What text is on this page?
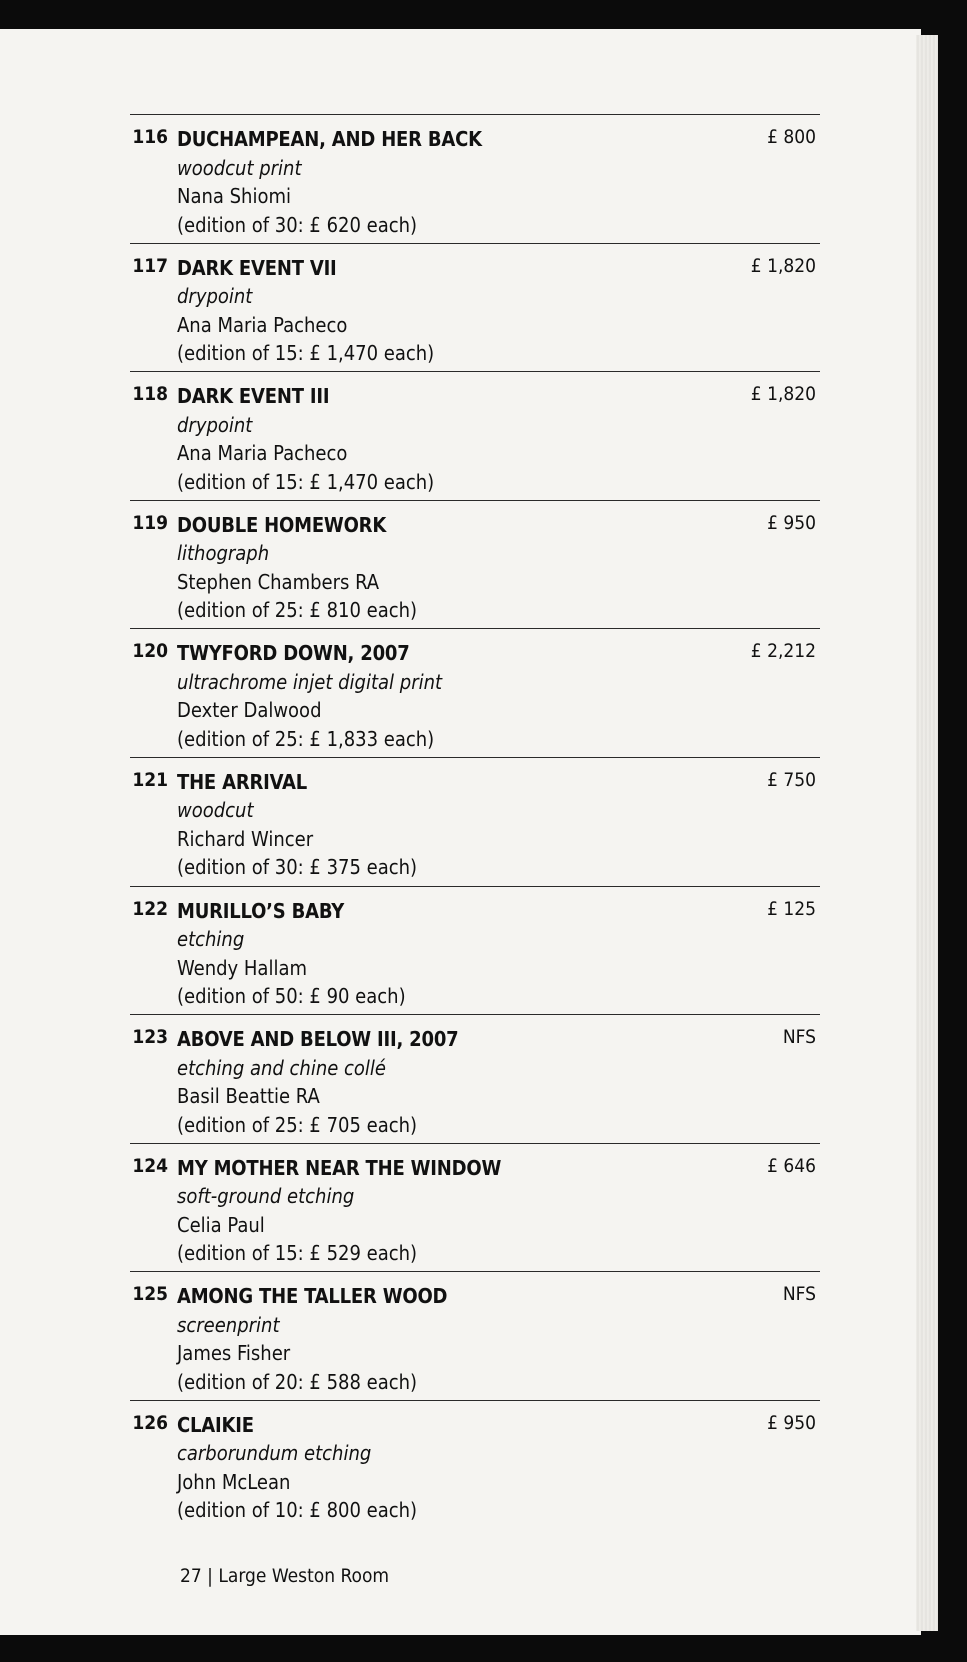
116 DUCHAMPEAN, AND HER BACK
woodcut print
Nana Shiomi
(edition of 30: £ 620 each)
£ 800
117 DARK EVENT VII
drypoint
Ana Maria Pacheco
(edition of 15: £ 1,470 each)
£ 1,820
118 DARK EVENT III
drypoint
Ana Maria Pacheco
(edition of 15: £ 1,470 each)
£ 1,820
119 DOUBLE HOMEWORK
lithograph
Stephen Chambers RA
(edition of 25: £ 810 each)
£ 950
120 TWYFORD DOWN, 2007
ultrachrome injet digital print
Dexter Dalwood
(edition of 25: £ 1,833 each)
£ 2,212
121 THE ARRIVAL
woodcut
Richard Wincer
(edition of 30: £ 375 each)
£ 750
122 MURILLO’S BABY
etching
Wendy Hallam
(edition of 50: £ 90 each)
£ 125
123 ABOVE AND BELOW III, 2007
etching and chine collé
Basil Beattie RA
(edition of 25: £ 705 each)
NFS
124 MY MOTHER NEAR THE WINDOW
soft-ground etching
Celia Paul
(edition of 15: £ 529 each)
£ 646
125 AMONG THE TALLER WOOD
screenprint
James Fisher
(edition of 20: £ 588 each)
NFS
126 CLAIKIE
carborundum etching
John McLean
(edition of 10: £ 800 each)
£ 950
27 | Large Weston Room
